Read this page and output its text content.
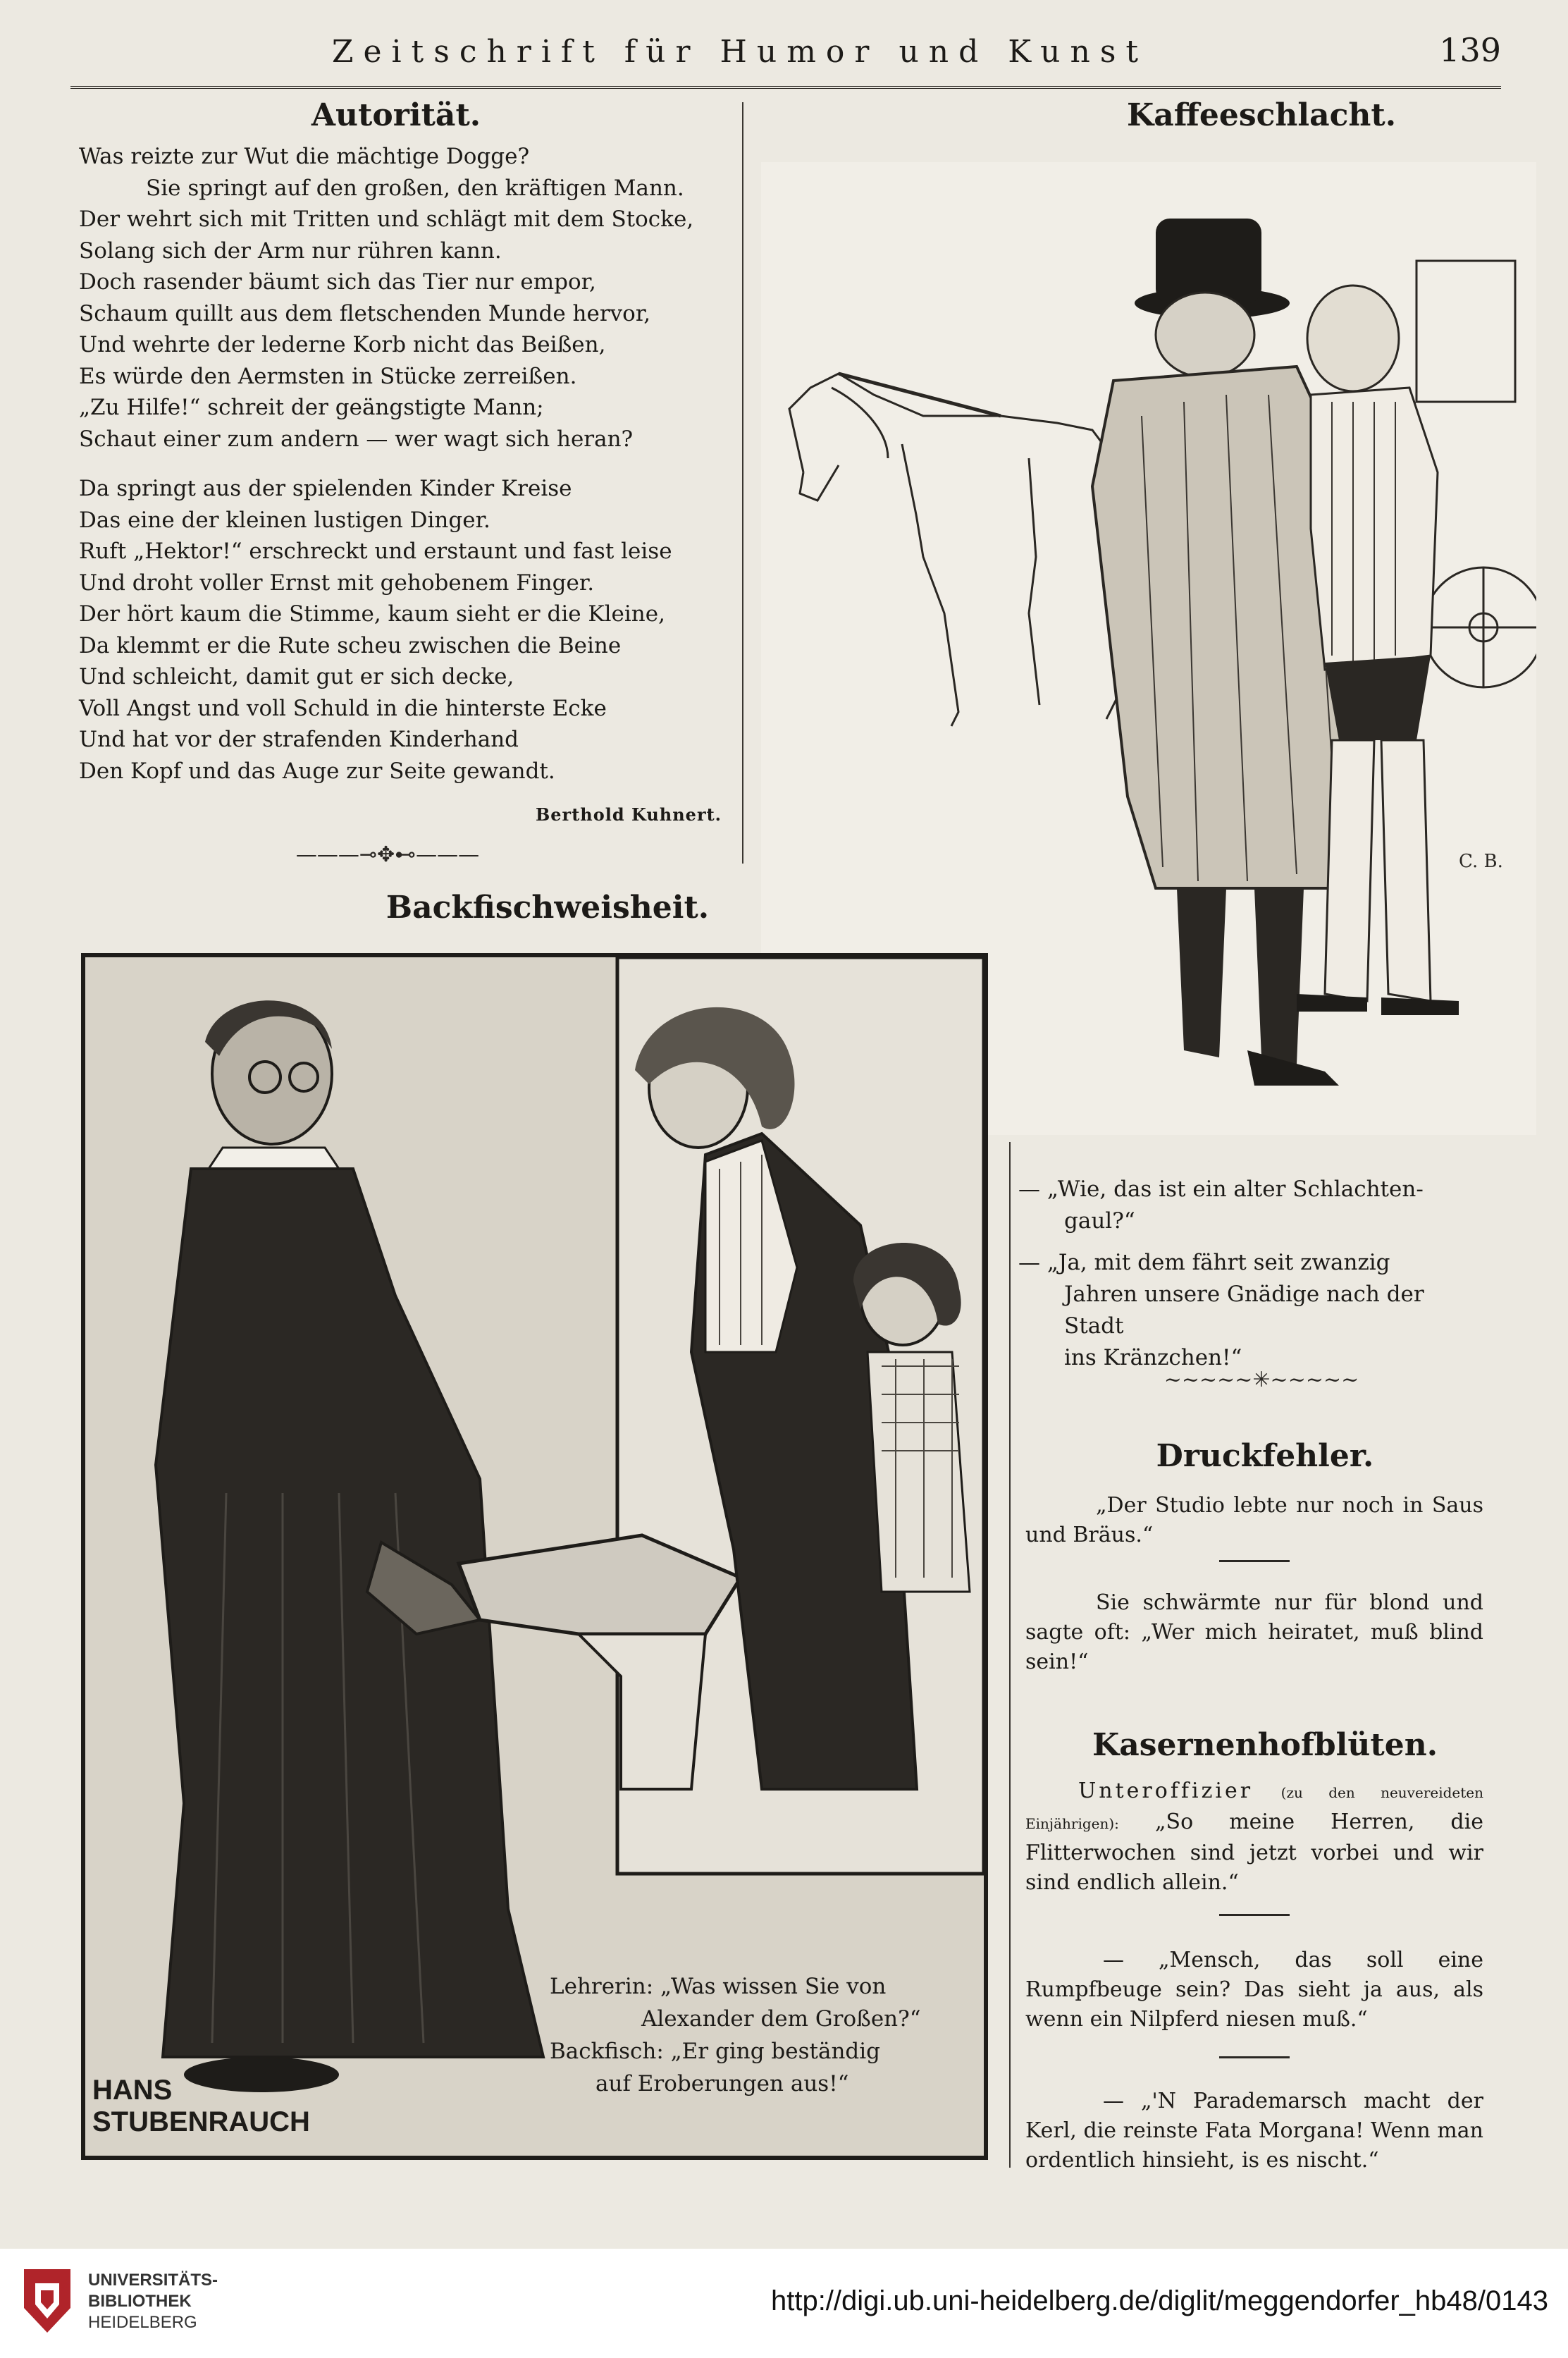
Zeitschrift für Humor und Kunst	139
Autorität.
Was reizte zur Wut die mächtige Dogge?
Sie springt auf den großen, den kräftigen Mann.
Der wehrt sich mit Tritten und schlägt mit dem Stocke,
Solang sich der Arm nur rühren kann.
Doch rasender bäumt sich das Tier nur empor,
Schaum quillt aus dem fletschenden Munde hervor,
Und wehrte der lederne Korb nicht das Beißen,
Es würde den Aermsten in Stücke zerreißen.
„Zu Hilfe!“ schreit der geängstigte Mann;
Schaut einer zum andern — wer wagt sich heran?
Da springt aus der spielenden Kinder Kreise
Das eine der kleinen lustigen Dinger.
Ruft „Hektor!“ erschreckt und erstaunt und fast leise
Und droht voller Ernst mit gehobenem Finger.
Der hört kaum die Stimme, kaum sieht er die Kleine,
Da klemmt er die Rute scheu zwischen die Beine
Und schleicht, damit gut er sich decke,
Voll Angst und voll Schuld in die hinterste Ecke
Und hat vor der strafenden Kinderhand
Den Kopf und das Auge zur Seite gewandt.
Berthold Kuhnert.
———⊸✥⊷———
Kaffeeschlacht.
C. B.
— „Wie, das ist ein alter Schlachten-
gaul?“
— „Ja, mit dem fährt seit zwanzig
Jahren unsere Gnädige nach der Stadt
ins Kränzchen!“
~~~~~✳~~~~~
Druckfehler.
„Der Studio lebte nur noch in Saus und Bräus.“
Sie schwärmte nur für blond und sagte oft: „Wer mich heiratet, muß blind sein!“
Kasernenhofblüten.
Unteroffizier (zu den neuvereideten Einjährigen): „So meine Herren, die Flitterwochen sind jetzt vorbei und wir sind endlich allein.“
— „Mensch, das soll eine Rumpfbeuge sein? Das sieht ja aus, als wenn ein Nilpferd niesen muß.“
— „'N Parademarsch macht der Kerl, die reinste Fata Morgana! Wenn man ordentlich hinsieht, is es nischt.“
Backfischweisheit.
HANS
STUBENRAUCH
Lehrerin: „Was wissen Sie von
Alexander dem Großen?“
Backfisch: „Er ging beständig
auf Eroberungen aus!“
UNIVERSITÄTS-
BIBLIOTHEK
HEIDELBERG
http://digi.ub.uni-heidelberg.de/diglit/meggendorfer_hb48/0143
